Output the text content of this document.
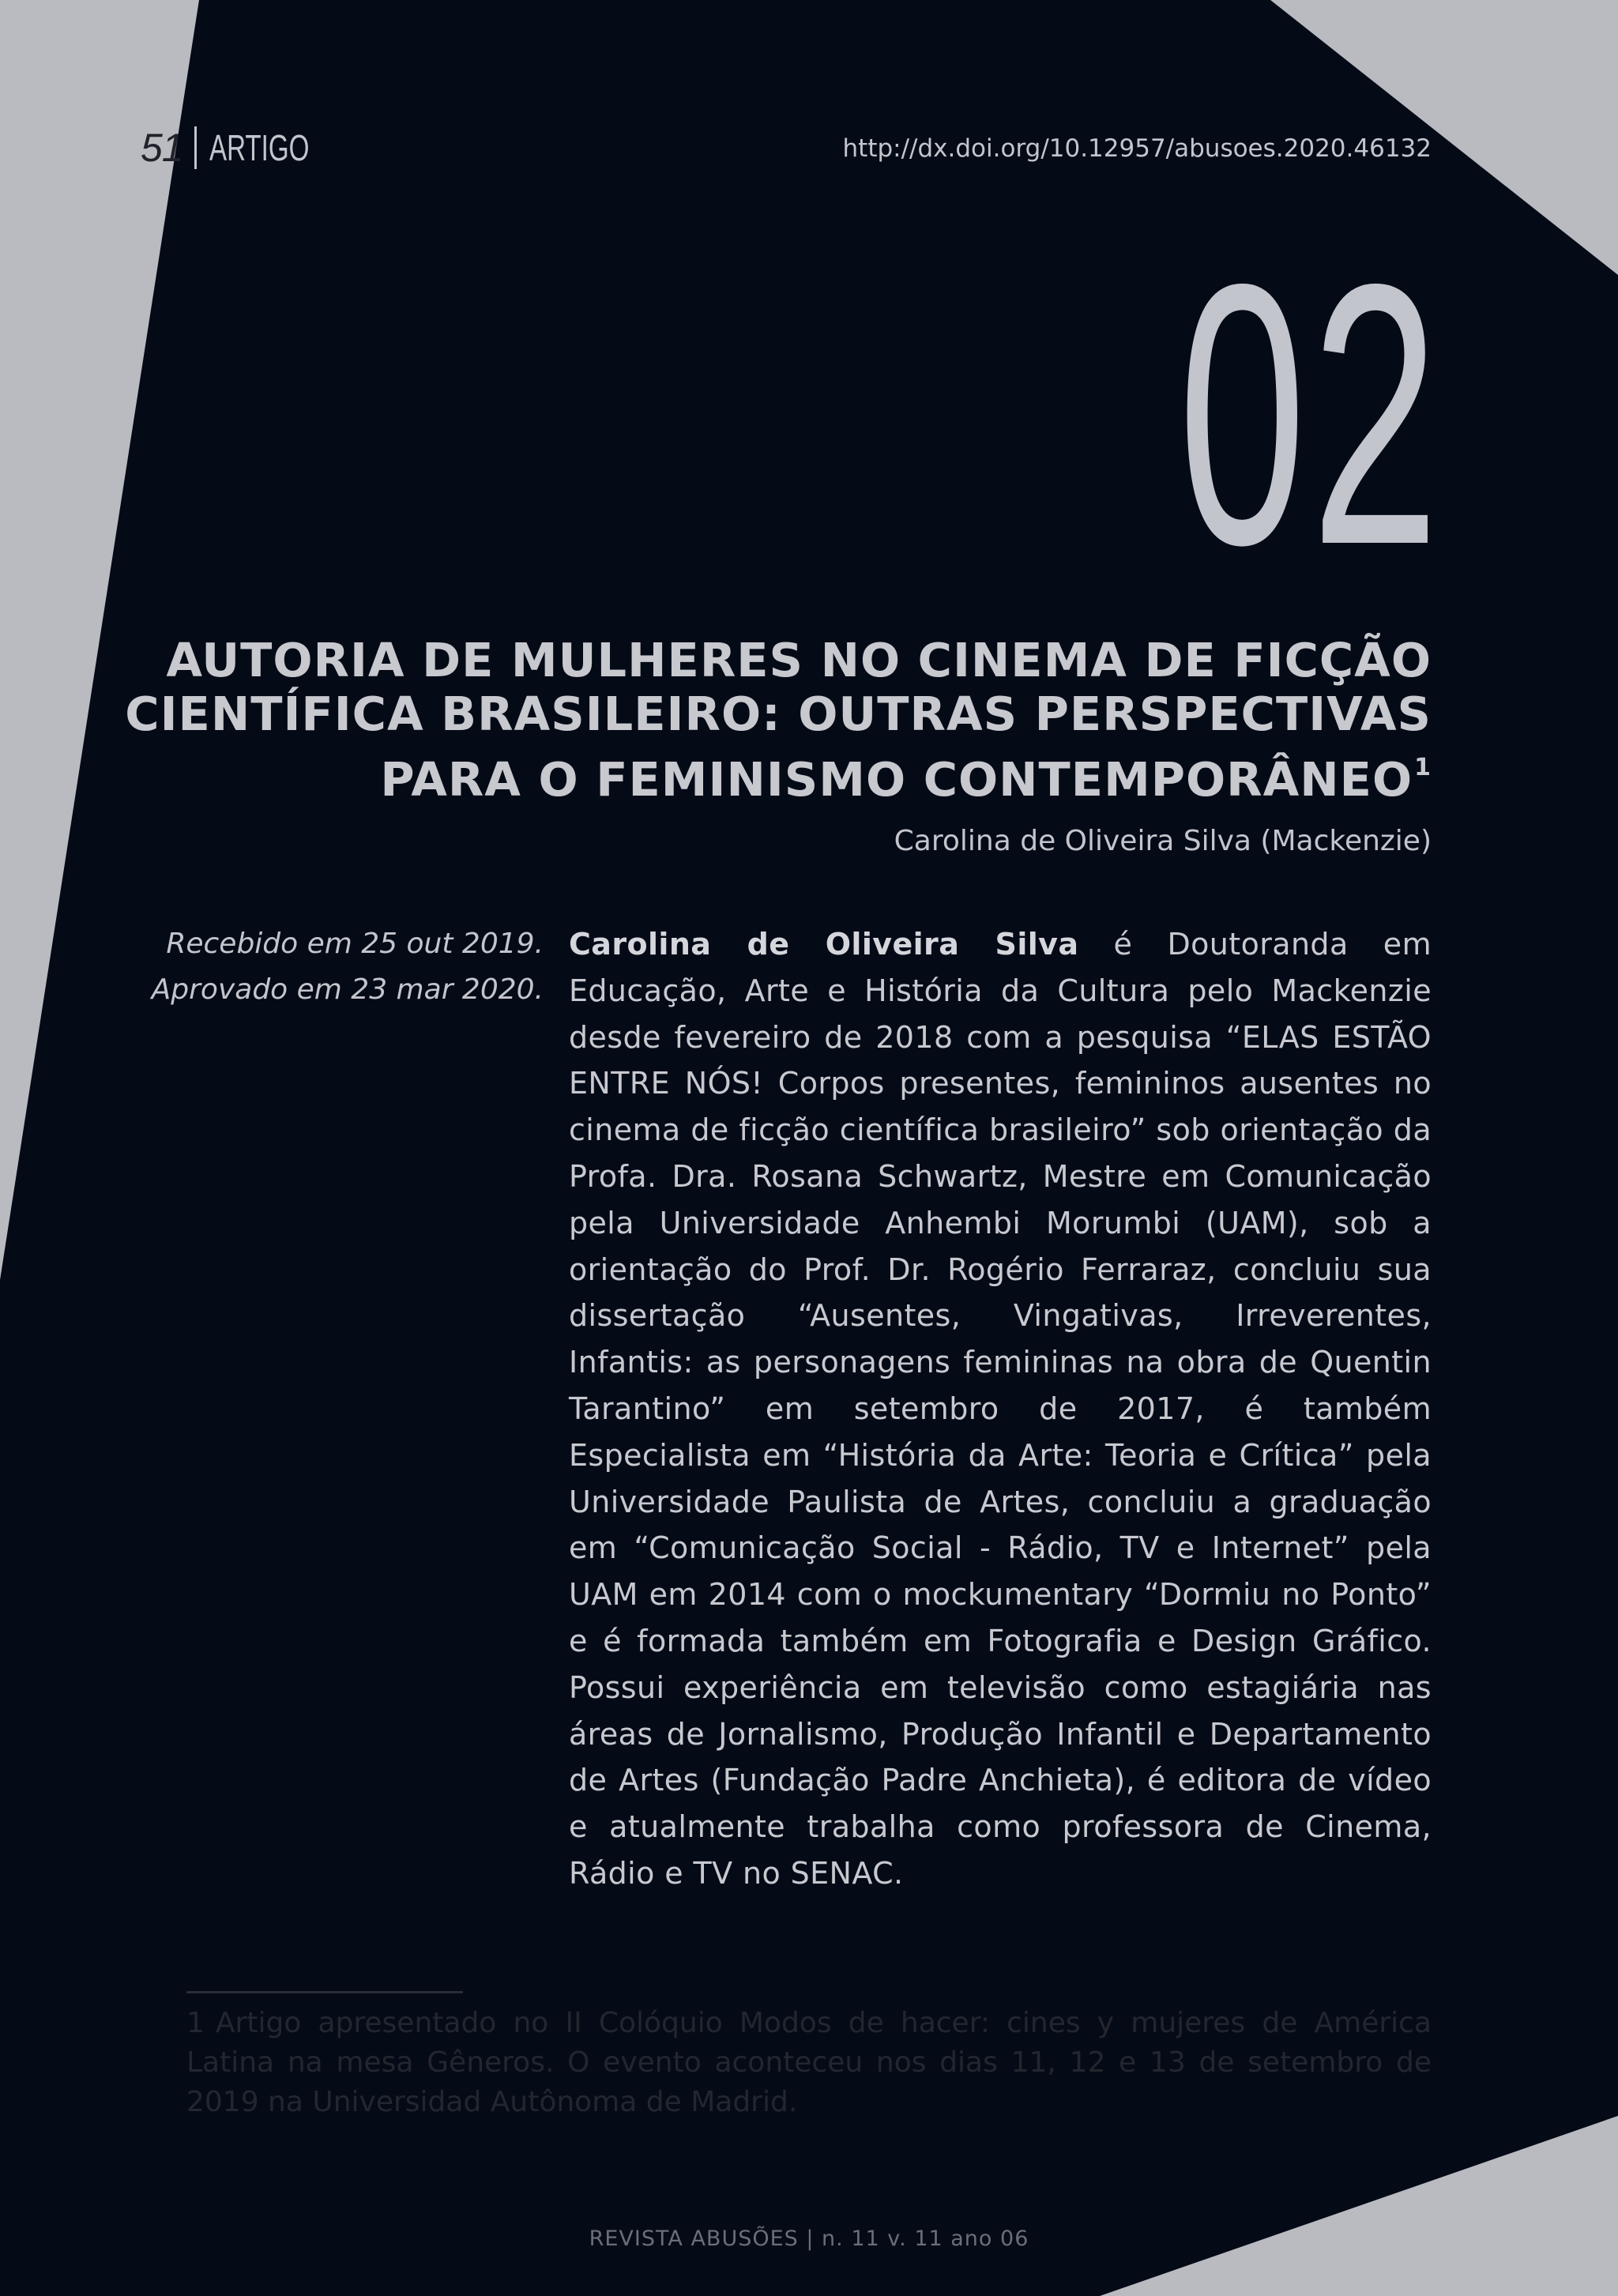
51 ARTIGO	http://dx.doi.org/10.12957/abusoes.2020.46132
02
AUTORIA DE MULHERES NO CINEMA DE FICÇÃO
CIENTÍFICA BRASILEIRO: OUTRAS PERSPECTIVAS
PARA O FEMINISMO CONTEMPORÂNEO$^1$
Carolina de Oliveira Silva (Mackenzie)
Recebido em 25 out 2019.
Aprovado em 23 mar 2020.

Carolina de Oliveira Silva é Doutoranda em Educação, Arte e História da Cultura pelo Mackenzie desde fevereiro de 2018 com a pesquisa “ELAS ESTÃO ENTRE NÓS! Corpos presentes, femininos ausentes no cinema de ficção científica brasileiro” sob orientação da Profa. Dra. Rosana Schwartz, Mestre em Comunicação pela Universidade Anhembi Morumbi (UAM), sob a orientação do Prof. Dr. Rogério Ferraraz, concluiu sua dissertação “Ausentes, Vingativas, Irreverentes, Infantis: as personagens femininas na obra de Quentin Tarantino” em setembro de 2017, é também Especialista em “História da Arte: Teoria e Crítica” pela Universidade Paulista de Artes, concluiu a graduação em “Comunicação Social - Rádio, TV e Internet” pela UAM em 2014 com o mockumentary “Dormiu no Ponto” e é formada também em Fotografia e Design Gráfico. Possui experiência em televisão como estagiária nas áreas de Jornalismo, Produção Infantil e Departamento de Artes (Fundação Padre Anchieta), é editora de vídeo e atualmente trabalha como professora de Cinema, Rádio e TV no SENAC.

1 Artigo apresentado no II Colóquio Modos de hacer: cines y mujeres de América Latina na mesa Gêneros. O evento aconteceu nos dias 11, 12 e 13 de setembro de 2019 na Universidad Autônoma de Madrid.

REVISTA ABUSÕES | n. 11 v. 11 ano 06
